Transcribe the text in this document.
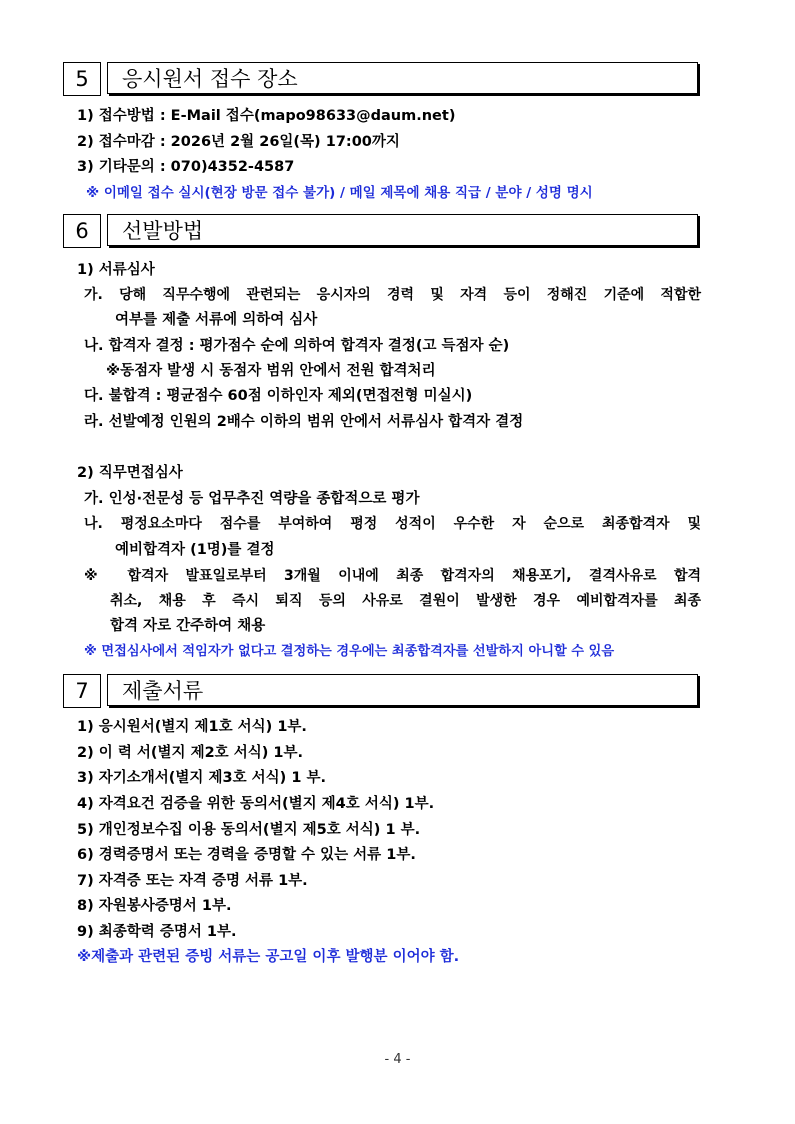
5	응시원서 접수 장소
1) 접수방법 : E-Mail 접수(mapo98633@daum.net)
2) 접수마감 : 2026년 2월 26일(목) 17:00까지
3) 기타문의 : 070)4352-4587
※ 이메일 접수 실시(현장 방문 접수 불가) / 메일 제목에 채용 직급 / 분야 / 성명 명시
6	선발방법
1) 서류심사
가. 당해 직무수행에 관련되는 응시자의 경력 및 자격 등이 정해진 기준에 적합한
여부를 제출 서류에 의하여 심사
나. 합격자 결정 : 평가점수 순에 의하여 합격자 결정(고 득점자 순)
※동점자 발생 시 동점자 범위 안에서 전원 합격처리
다. 불합격 : 평균점수 60점 이하인자 제외(면접전형 미실시)
라. 선발예정 인원의 2배수 이하의 범위 안에서 서류심사 합격자 결정
2) 직무면접심사
가. 인성·전문성 등 업무추진 역량을 종합적으로 평가
나. 평정요소마다 점수를 부여하여 평정 성적이 우수한 자 순으로 최종합격자 및
예비합격자 (1명)를 결정
※ 합격자 발표일로부터 3개월 이내에 최종 합격자의 채용포기, 결격사유로 합격
취소, 채용 후 즉시 퇴직 등의 사유로 결원이 발생한 경우 예비합격자를 최종
합격 자로 간주하여 채용
※ 면접심사에서 적임자가 없다고 결정하는 경우에는 최종합격자를 선발하지 아니할 수 있음
7	제출서류
1) 응시원서(별지 제1호 서식) 1부.
2) 이 력 서(별지 제2호 서식) 1부.
3) 자기소개서(별지 제3호 서식) 1 부.
4) 자격요건 검증을 위한 동의서(별지 제4호 서식) 1부.
5) 개인정보수집 이용 동의서(별지 제5호 서식) 1 부.
6) 경력증명서 또는 경력을 증명할 수 있는 서류 1부.
7) 자격증 또는 자격 증명 서류 1부.
8) 자원봉사증명서 1부.
9) 최종학력 증명서 1부.
※제출과 관련된 증빙 서류는 공고일 이후 발행분 이어야 함.
- 4 -
